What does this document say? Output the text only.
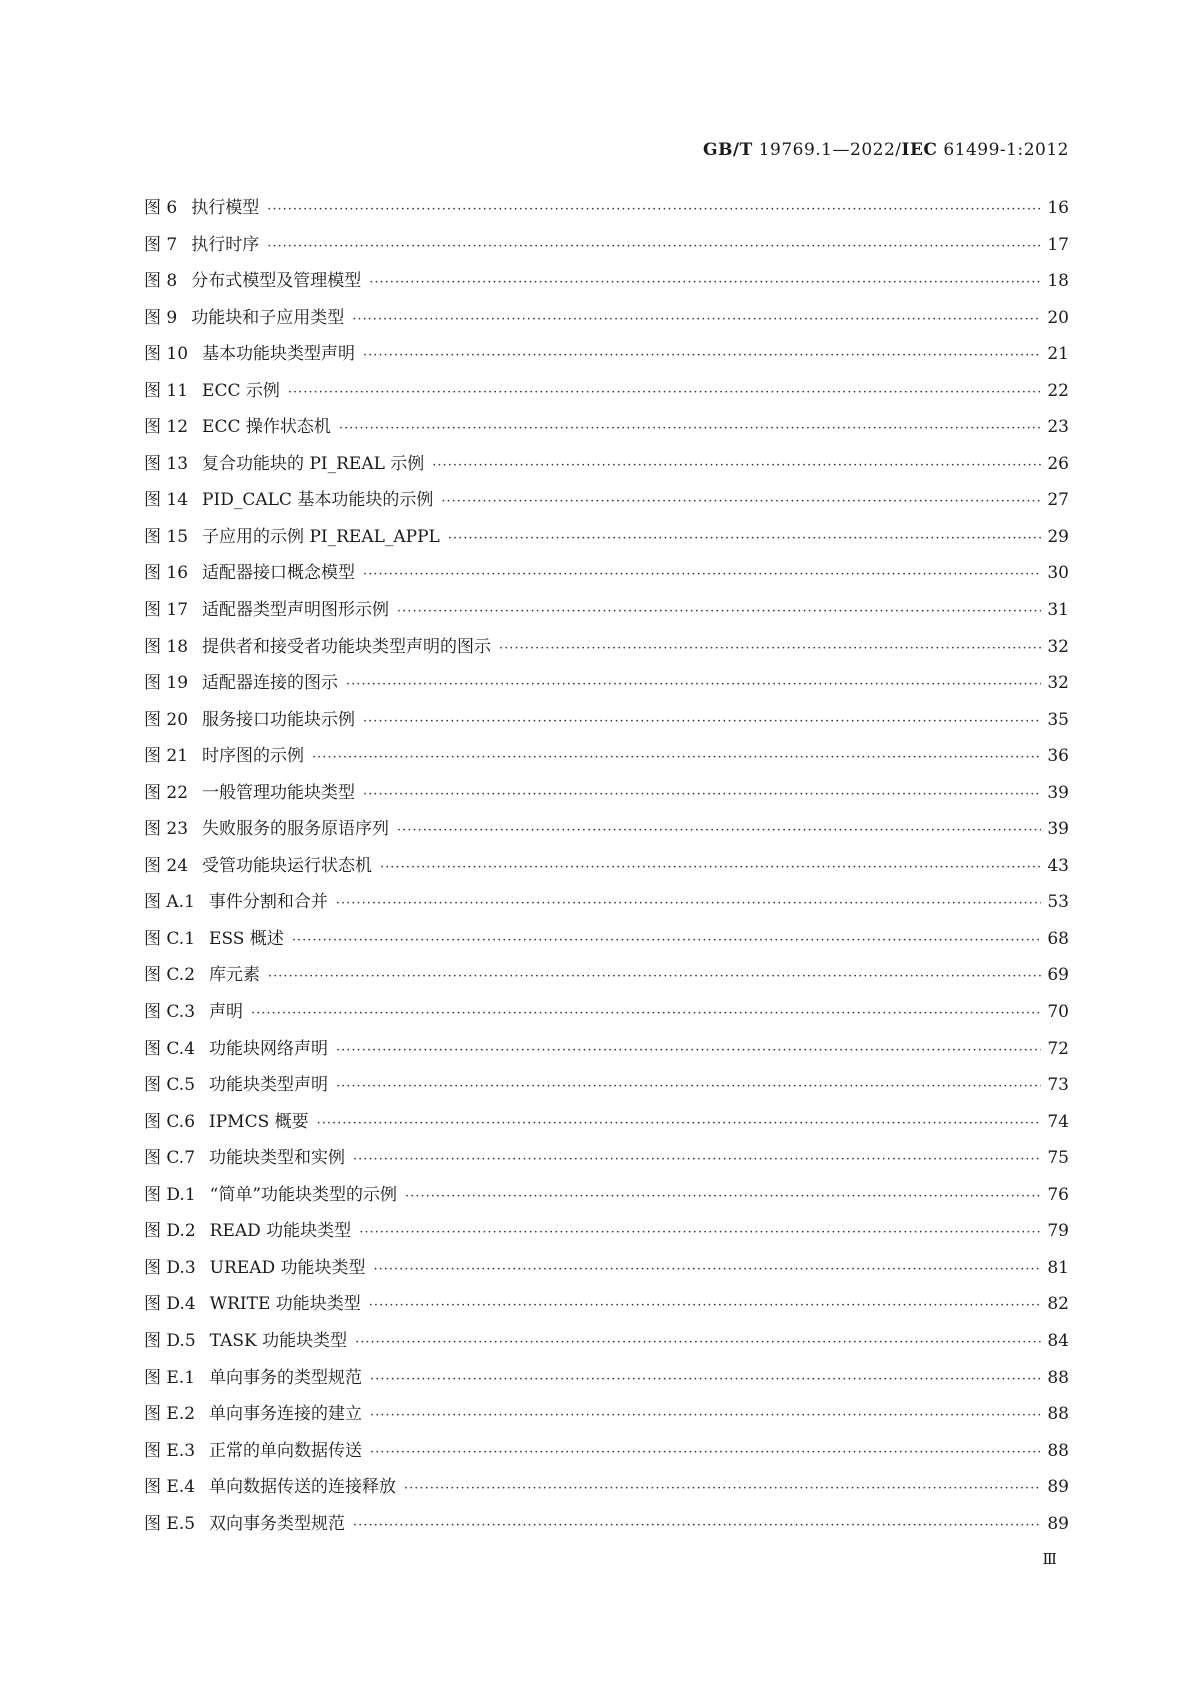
GB/T 19769.1—2022/IEC 61499-1:2012
图 6 执行模型 ·····	16
图 7 执行时序 ·····	17
图 8 分布式模型及管理模型 ·····	18
图 9 功能块和子应用类型 ·····	20
图 10 基本功能块类型声明 ·····	21
图 11 ECC 示例 ·····	22
图 12 ECC 操作状态机 ·····	23
图 13 复合功能块的 PI_REAL 示例 ·····	26
图 14 PID_CALC 基本功能块的示例 ·····	27
图 15 子应用的示例 PI_REAL_APPL ·····	29
图 16 适配器接口概念模型 ·····	30
图 17 适配器类型声明图形示例 ·····	31
图 18 提供者和接受者功能块类型声明的图示 ·····	32
图 19 适配器连接的图示 ·····	32
图 20 服务接口功能块示例 ·····	35
图 21 时序图的示例 ·····	36
图 22 一般管理功能块类型 ·····	39
图 23 失败服务的服务原语序列 ·····	39
图 24 受管功能块运行状态机 ·····	43
图 A.1 事件分割和合并 ·····	53
图 C.1 ESS 概述 ·····	68
图 C.2 库元素 ·····	69
图 C.3 声明 ·····	70
图 C.4 功能块网络声明 ·····	72
图 C.5 功能块类型声明 ·····	73
图 C.6 IPMCS 概要 ·····	74
图 C.7 功能块类型和实例 ·····	75
图 D.1 “简单”功能块类型的示例 ·····	76
图 D.2 READ 功能块类型 ·····	79
图 D.3 UREAD 功能块类型 ·····	81
图 D.4 WRITE 功能块类型 ·····	82
图 D.5 TASK 功能块类型 ·····	84
图 E.1 单向事务的类型规范 ·····	88
图 E.2 单向事务连接的建立 ·····	88
图 E.3 正常的单向数据传送 ·····	88
图 E.4 单向数据传送的连接释放 ·····	89
图 E.5 双向事务类型规范 ·····	89
Ⅲ
